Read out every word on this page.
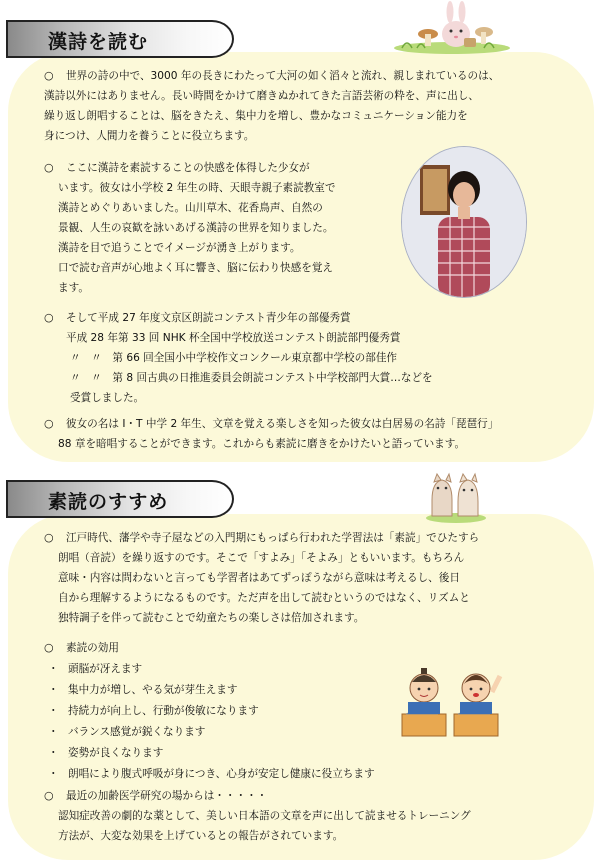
漢詩を読む
○ 世界の詩の中で、3000 年の長きにわたって大河の如く滔々と流れ、親しまれているのは、

漢詩以外にはありません。長い時間をかけて磨きぬかれてきた言語芸術の粋を、声に出し、

繰り返し朗唱することは、脳をきたえ、集中力を増し、豊かなコミュニケーション能力を

身につけ、人間力を養うことに役立ちます。

○ ここに漢詩を素読することの快感を体得した少女が

います。彼女は小学校 2 年生の時、天眼寺親子素読教室で

漢詩とめぐりあいました。山川草木、花香鳥声、自然の

景観、人生の哀歓を詠いあげる漢詩の世界を知りました。

漢詩を目で追うことでイメージが湧き上がります。

口で読む音声が心地よく耳に響き、脳に伝わり快感を覚え

ます。

○ そして平成 27 年度文京区朗読コンテスト青少年の部優秀賞

平成 28 年第 33 回 NHK 杯全国中学校放送コンテスト朗読部門優秀賞

〃　〃　第 66 回全国小中学校作文コンクール東京都中学校の部佳作

〃　〃　第 8 回古典の日推進委員会朗読コンテスト中学校部門大賞…などを

受賞しました。

○ 彼女の名は I・T 中学 2 年生、文章を覚える楽しさを知った彼女は白居易の名詩「琵琶行」

88 章を暗唱することができます。これからも素読に磨きをかけたいと語っています。

素読のすすめ
○ 江戸時代、藩学や寺子屋などの入門期にもっぱら行われた学習法は「素読」でひたすら

朗唱（音読）を繰り返すのです。そこで「すよみ」「そよみ」ともいいます。もちろん

意味・内容は問わないと言っても学習者はあてずっぽうながら意味は考えるし、後日

自から理解するようになるものです。ただ声を出して読むというのではなく、リズムと

独特調子を伴って読むことで幼童たちの楽しさは倍加されます。

○ 素読の効用

・ 頭脳が冴えます
・ 集中力が増し、やる気が芽生えます
・ 持続力が向上し、行動が俊敏になります
・ バランス感覚が鋭くなります
・ 姿勢が良くなります
・ 朗唱により腹式呼吸が身につき、心身が安定し健康に役立ちます
○ 最近の加齢医学研究の場からは・・・・・

認知症改善の劇的な薬として、美しい日本語の文章を声に出して読ませるトレーニング

方法が、大変な効果を上げているとの報告がされています。
